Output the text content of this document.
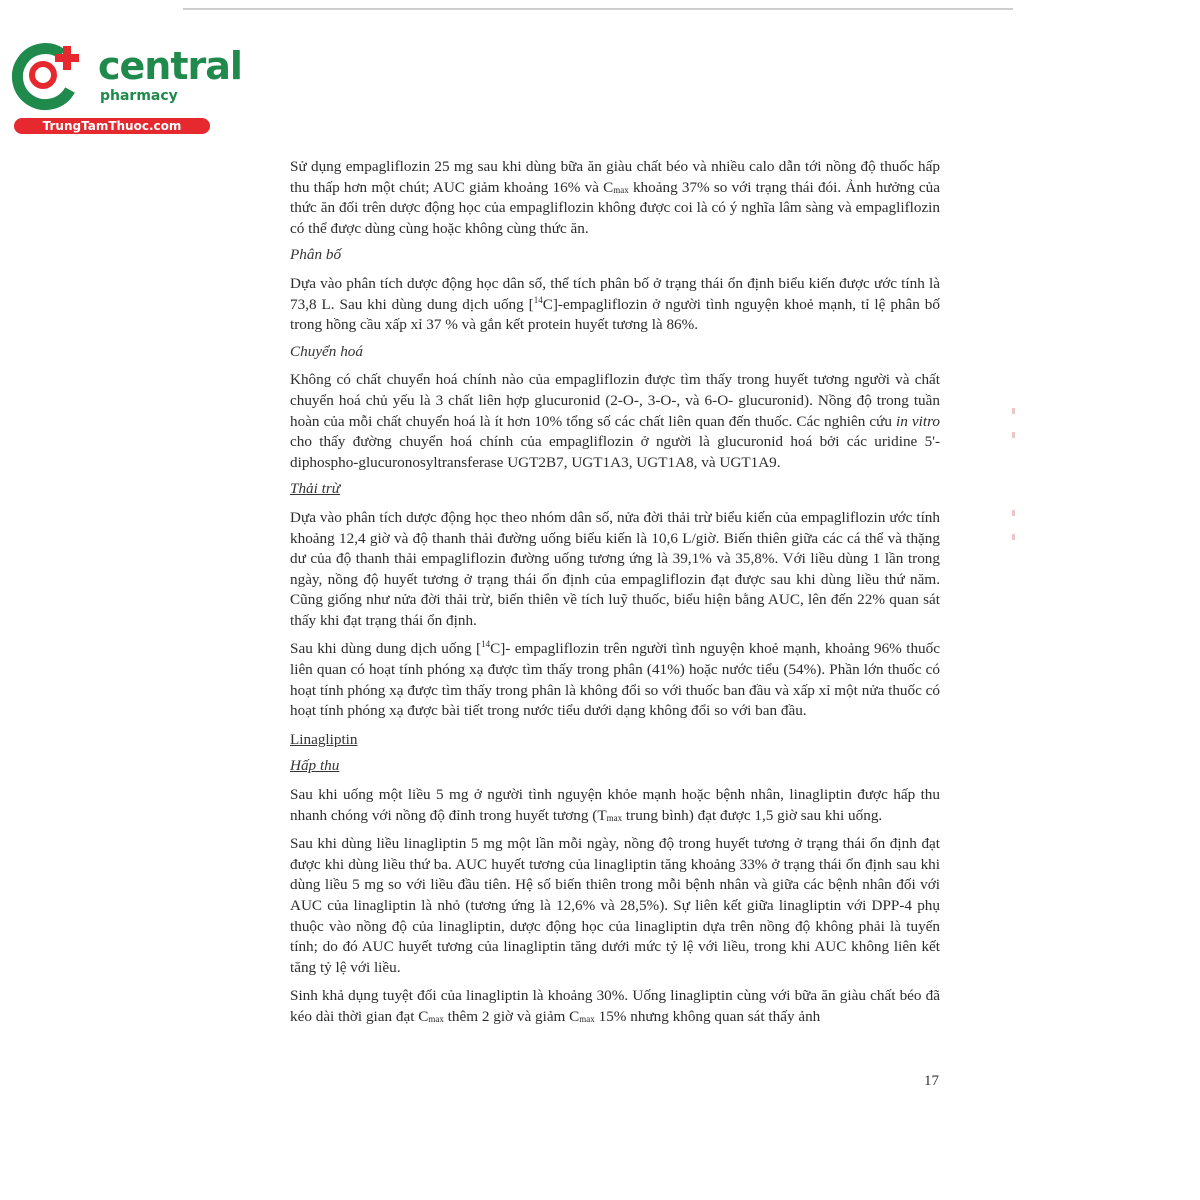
central
pharmacy
TrungTamThuoc.com

Sử dụng empagliflozin 25 mg sau khi dùng bữa ăn giàu chất béo và nhiều calo dẫn tới nồng độ thuốc hấp thu thấp hơn một chút; AUC giảm khoảng 16% và $C_{max}$ khoảng 37% so với trạng thái đói. Ảnh hưởng của thức ăn đối trên dược động học của empagliflozin không được coi là có ý nghĩa lâm sàng và empagliflozin có thể được dùng cùng hoặc không cùng thức ăn.

Phân bố

Dựa vào phân tích dược động học dân số, thể tích phân bố ở trạng thái ổn định biểu kiến được ước tính là 73,8 L. Sau khi dùng dung dịch uống [$^{14}$C]-empagliflozin ở người tình nguyện khoẻ mạnh, tỉ lệ phân bố trong hồng cầu xấp xỉ 37 % và gắn kết protein huyết tương là 86%.

Chuyển hoá

Không có chất chuyển hoá chính nào của empagliflozin được tìm thấy trong huyết tương người và chất chuyển hoá chủ yếu là 3 chất liên hợp glucuronid (2-O-, 3-O-, và 6-O- glucuronid). Nồng độ trong tuần hoàn của mỗi chất chuyển hoá là ít hơn 10% tổng số các chất liên quan đến thuốc. Các nghiên cứu in vitro cho thấy đường chuyển hoá chính của empagliflozin ở người là glucuronid hoá bởi các uridine 5'-diphospho-glucuronosyltransferase UGT2B7, UGT1A3, UGT1A8, và UGT1A9.

Thải trừ

Dựa vào phân tích dược động học theo nhóm dân số, nửa đời thải trừ biểu kiến của empagliflozin ước tính khoảng 12,4 giờ và độ thanh thải đường uống biểu kiến là 10,6 L/giờ. Biến thiên giữa các cá thể và thặng dư của độ thanh thải empagliflozin đường uống tương ứng là 39,1% và 35,8%. Với liều dùng 1 lần trong ngày, nồng độ huyết tương ở trạng thái ổn định của empagliflozin đạt được sau khi dùng liều thứ năm. Cũng giống như nửa đời thải trừ, biến thiên về tích luỹ thuốc, biểu hiện bằng AUC, lên đến 22% quan sát thấy khi đạt trạng thái ổn định.

Sau khi dùng dung dịch uống [$^{14}$C]- empagliflozin trên người tình nguyện khoẻ mạnh, khoảng 96% thuốc liên quan có hoạt tính phóng xạ được tìm thấy trong phân (41%) hoặc nước tiểu (54%). Phần lớn thuốc có hoạt tính phóng xạ được tìm thấy trong phân là không đổi so với thuốc ban đầu và xấp xỉ một nửa thuốc có hoạt tính phóng xạ được bài tiết trong nước tiểu dưới dạng không đổi so với ban đầu.

Linagliptin

Hấp thu

Sau khi uống một liều 5 mg ở người tình nguyện khỏe mạnh hoặc bệnh nhân, linagliptin được hấp thu nhanh chóng với nồng độ đỉnh trong huyết tương ($T_{max}$ trung bình) đạt được 1,5 giờ sau khi uống.

Sau khi dùng liều linagliptin 5 mg một lần mỗi ngày, nồng độ trong huyết tương ở trạng thái ổn định đạt được khi dùng liều thứ ba. AUC huyết tương của linagliptin tăng khoảng 33% ở trạng thái ổn định sau khi dùng liều 5 mg so với liều đầu tiên. Hệ số biến thiên trong mỗi bệnh nhân và giữa các bệnh nhân đối với AUC của linagliptin là nhỏ (tương ứng là 12,6% và 28,5%). Sự liên kết giữa linagliptin với DPP-4 phụ thuộc vào nồng độ của linagliptin, dược động học của linagliptin dựa trên nồng độ không phải là tuyến tính; do đó AUC huyết tương của linagliptin tăng dưới mức tỷ lệ với liều, trong khi AUC không liên kết tăng tỷ lệ với liều.

Sinh khả dụng tuyệt đối của linagliptin là khoảng 30%. Uống linagliptin cùng với bữa ăn giàu chất béo đã kéo dài thời gian đạt $C_{max}$ thêm 2 giờ và giảm $C_{max}$ 15% nhưng không quan sát thấy ảnh

17
